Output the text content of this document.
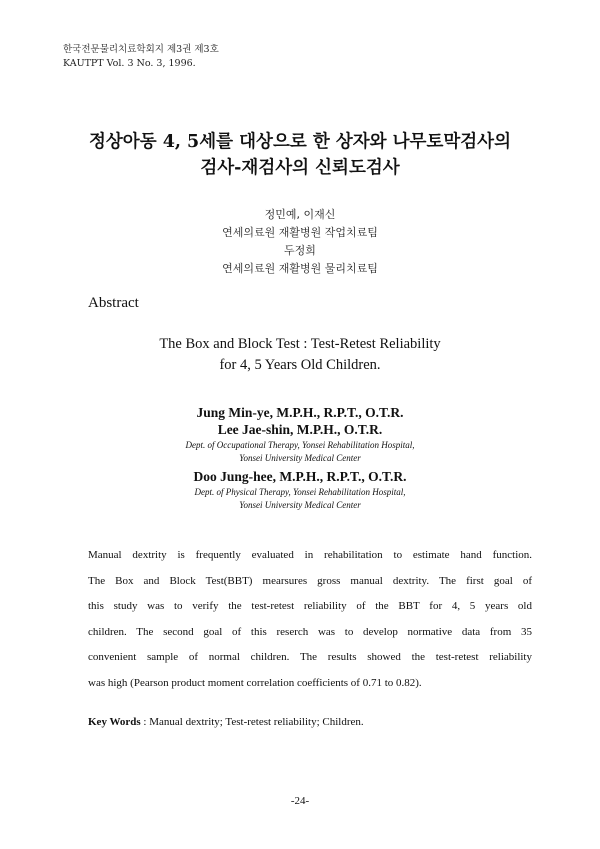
한국전문물리치료학회지 제3권 제3호
KAUTPT Vol. 3 No. 3, 1996.
정상아동 4, 5세를 대상으로 한 상자와 나무토막검사의
검사-재검사의 신뢰도검사
정민예, 이재신
연세의료원 재활병원 작업치료팀
두정희
연세의료원 재활병원 물리치료팀
Abstract
The Box and Block Test : Test-Retest Reliability
for 4, 5 Years Old Children.
Jung Min-ye, M.P.H., R.P.T., O.T.R.
Lee Jae-shin, M.P.H., O.T.R.
Dept. of Occupational Therapy, Yonsei Rehabilitation Hospital,
Yonsei University Medical Center
Doo Jung-hee, M.P.H., R.P.T., O.T.R.
Dept. of Physical Therapy, Yonsei Rehabilitation Hospital,
Yonsei University Medical Center
Manual dextrity is frequently evaluated in rehabilitation to estimate hand function.
The Box and Block Test(BBT) mearsures gross manual dextrity. The first goal of
this study was to verify the test-retest reliability of the BBT for 4, 5 years old
children. The second goal of this reserch was to develop normative data from 35
convenient sample of normal children. The results showed the test-retest reliability
was high (Pearson product moment correlation coefficients of 0.71 to 0.82).
Key Words : Manual dextrity; Test-retest reliability; Children.
-24-
